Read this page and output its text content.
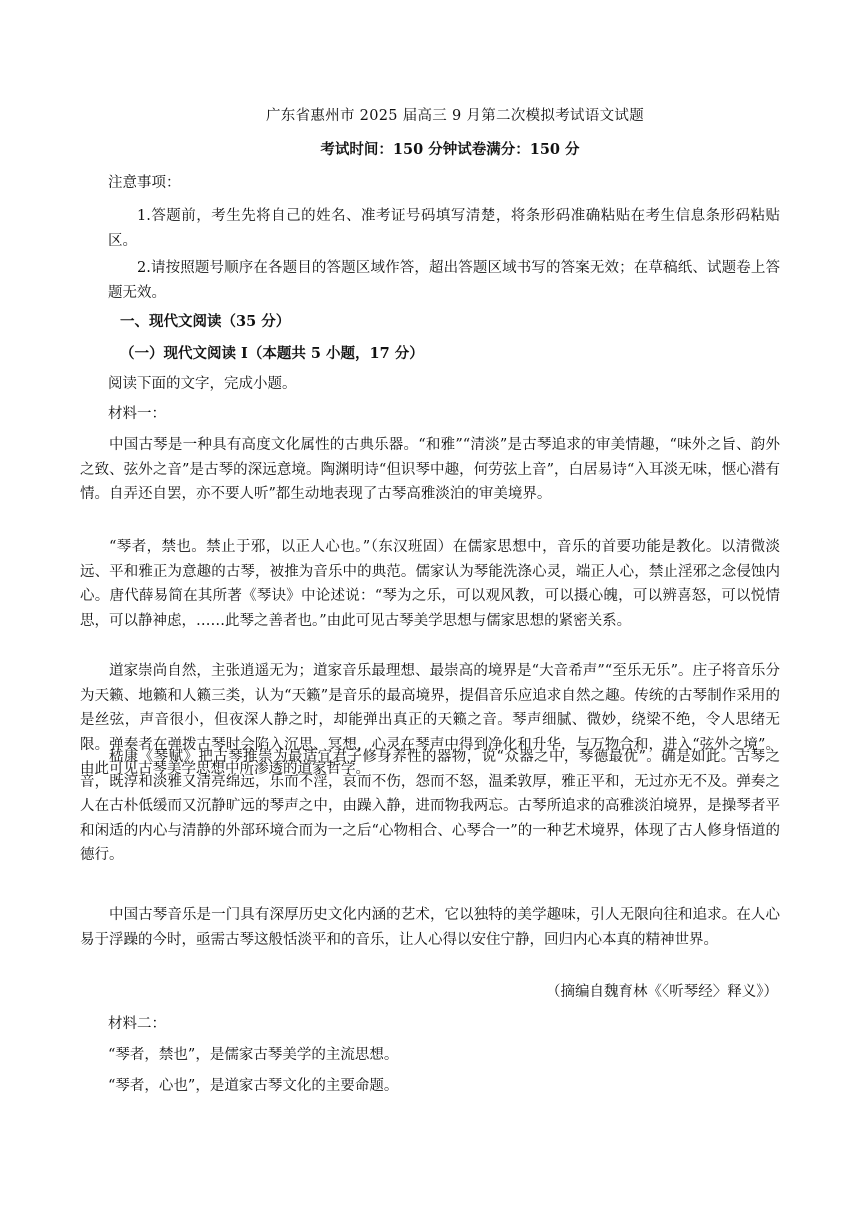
广东省惠州市 2025 届高三 9 月第二次模拟考试语文试题
考试时间：150 分钟试卷满分：150 分
注意事项：
1.答题前，考生先将自己的姓名、准考证号码填写清楚，将条形码准确粘贴在考生信息条形码粘贴区。
2.请按照题号顺序在各题目的答题区域作答，超出答题区域书写的答案无效；在草稿纸、试题卷上答题无效。
一、现代文阅读（35 分）
（一）现代文阅读 I（本题共 5 小题，17 分）
阅读下面的文字，完成小题。
材料一：
中国古琴是一种具有高度文化属性的古典乐器。“和雅”“清淡”是古琴追求的审美情趣，“味外之旨、韵外之致、弦外之音”是古琴的深远意境。陶渊明诗“但识琴中趣，何劳弦上音”，白居易诗“入耳淡无味，惬心潜有情。自弄还自罢，亦不要人听”都生动地表现了古琴高雅淡泊的审美境界。
“琴者，禁也。禁止于邪，以正人心也。”（东汉班固）在儒家思想中，音乐的首要功能是教化。以清微淡远、平和雅正为意趣的古琴，被推为音乐中的典范。儒家认为琴能洗涤心灵，端正人心，禁止淫邪之念侵蚀内心。唐代薛易简在其所著《琴诀》中论述说：“琴为之乐，可以观风教，可以摄心魄，可以辨喜怒，可以悦情思，可以静神虑，……此琴之善者也。”由此可见古琴美学思想与儒家思想的紧密关系。
道家崇尚自然，主张逍遥无为；道家音乐最理想、最崇高的境界是“大音希声”“至乐无乐”。庄子将音乐分为天籁、地籁和人籁三类，认为“天籁”是音乐的最高境界，提倡音乐应追求自然之趣。传统的古琴制作采用的是丝弦，声音很小，但夜深人静之时，却能弹出真正的天籁之音。琴声细腻、微妙，绕梁不绝，令人思绪无限。弹奏者在弹拨古琴时会陷入沉思、冥想，心灵在琴声中得到净化和升华，与万物合和，进入“弦外之境”。由此可见古琴美学思想中所渗透的道家哲学。
嵇康《琴赋》把古琴推崇为最适宜君子修身养性的器物，说“众器之中，琴德最优”。确是如此。古琴之音，既淳和淡雅又清亮绵远，乐而不淫，哀而不伤，怨而不怒，温柔敦厚，雅正平和，无过亦无不及。弹奏之人在古朴低缓而又沉静旷远的琴声之中，由躁入静，进而物我两忘。古琴所追求的高雅淡泊境界，是操琴者平和闲适的内心与清静的外部环境合而为一之后“心物相合、心琴合一”的一种艺术境界，体现了古人修身悟道的德行。
中国古琴音乐是一门具有深厚历史文化内涵的艺术，它以独特的美学趣味，引人无限向往和追求。在人心易于浮躁的今时，亟需古琴这般恬淡平和的音乐，让人心得以安住宁静，回归内心本真的精神世界。
（摘编自魏育林《〈听琴经〉释义》）
材料二：
“琴者，禁也”，是儒家古琴美学的主流思想。
“琴者，心也”，是道家古琴文化的主要命题。
